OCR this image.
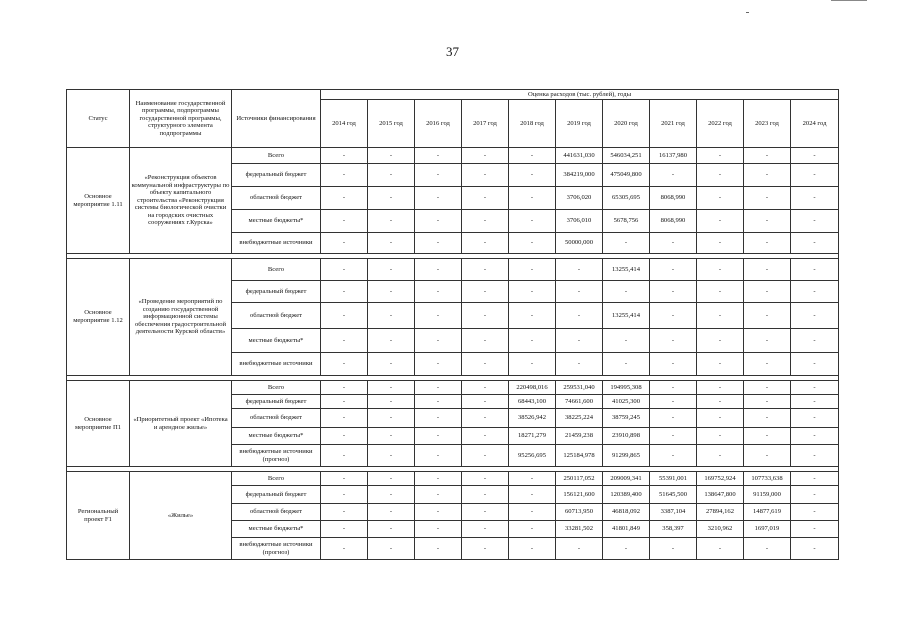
37
Статус	Наименование государственной программы, подпрограммы государственной программы, структурного элемента подпрограммы	Источники финансирования	Оценка расходов (тыс. рублей), годы										
			2014 год	2015 год	2016 год	2017 год	2018 год	2019 год	2020 год	2021 год	2022 год	2023 год	2024 год
Основное мероприятие 1.11	«Реконструкция объектов коммунальной инфраструктуры по объекту капитального строительства «Реконструкция системы биологической очистки на городских очистных сооружениях г.Курска»	Всего	-	-	-	-	-	441631,030	546034,251	16137,980	-	-	-
		федеральный бюджет	-	-	-	-	-	384219,000	475049,800	-	-	-	-
		областной бюджет	-	-	-	-	-	3706,020	65305,695	8068,990	-	-	-
		местные бюджеты*	-	-	-	-	-	3706,010	5678,756	8068,990	-	-	-
		внебюджетные источники	-	-	-	-	-	50000,000	-	-	-	-	-

Основное мероприятие 1.12	«Проведение мероприятий по созданию государственной информационной системы обеспечения градостроительной деятельности Курской области»	Всего	-	-	-	-	-	-	13255,414	-	-	-	-
		федеральный бюджет	-	-	-	-	-	-	-	-	-	-	-
		областной бюджет	-	-	-	-	-	-	13255,414	-	-	-	-
		местные бюджеты*	-	-	-	-	-	-	-	-	-	-	-
		внебюджетные источники	-	-	-	-	-	-	-	-	-	-	-

Основное мероприятие П1	«Приоритетный проект «Ипотека и арендное жилье»	Всего	-	-	-	-	220498,016	259531,040	194995,308	-	-	-	-
		федеральный бюджет	-	-	-	-	68443,100	74661,600	41025,300	-	-	-	-
		областной бюджет	-	-	-	-	38526,942	38225,224	38759,245	-	-	-	-
		местные бюджеты*	-	-	-	-	18271,279	21459,238	23910,898	-	-	-	-
		внебюджетные источники (прогноз)	-	-	-	-	95256,695	125184,978	91299,865	-	-	-	-

Региональный проект F1	«Жилье»	Всего	-	-	-	-	-	250117,052	209009,341	55391,001	169752,924	107733,638	-
		федеральный бюджет	-	-	-	-	-	156121,600	120389,400	51645,500	138647,800	91159,000	-
		областной бюджет	-	-	-	-	-	60713,950	46818,092	3387,104	27894,162	14877,619	-
		местные бюджеты*	-	-	-	-	-	33281,502	41801,849	358,397	3210,962	1697,019	-
		внебюджетные источники (прогноз)	-	-	-	-	-	-	-	-	-	-	-
